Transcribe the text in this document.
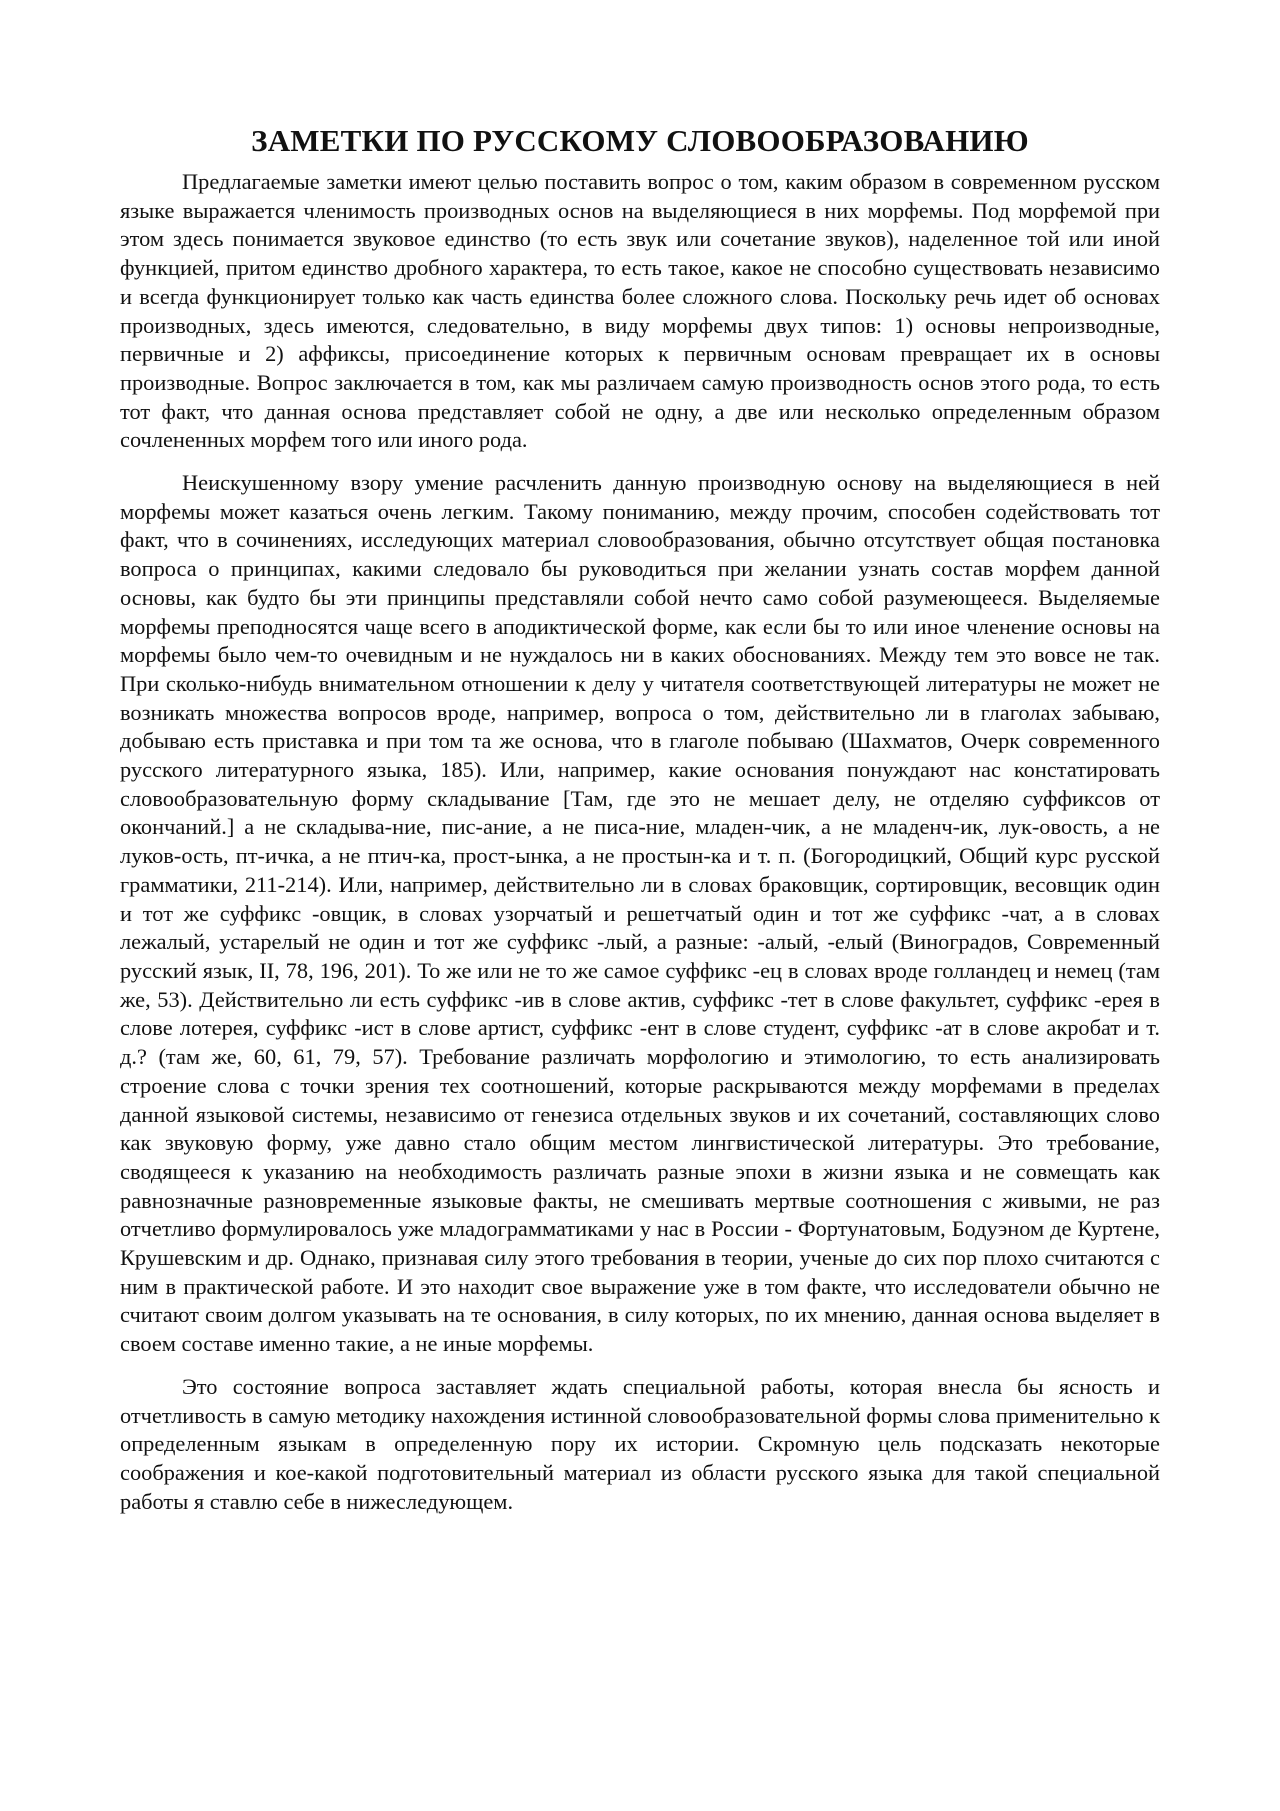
ЗАМЕТКИ ПО РУССКОМУ СЛОВООБРАЗОВАНИЮ

Предлагаемые заметки имеют целью поставить вопрос о том, каким образом в современном русском языке выражается членимость производных основ на выделяющиеся в них морфемы. Под морфемой при этом здесь понимается звуковое единство (то есть звук или сочетание звуков), наделенное той или иной функцией, притом единство дробного характера, то есть такое, какое не способно существовать независимо и всегда функционирует только как часть единства более сложного слова. Поскольку речь идет об основах производных, здесь имеются, следовательно, в виду морфемы двух типов: 1) основы непроизводные, первичные и 2) аффиксы, присоединение которых к первичным основам превращает их в основы производные. Вопрос заключается в том, как мы различаем самую производность основ этого рода, то есть тот факт, что данная основа представляет собой не одну, а две или несколько определенным образом сочлененных морфем того или иного рода.

Неискушенному взору умение расчленить данную производную основу на выделяющиеся в ней морфемы может казаться очень легким. Такому пониманию, между прочим, способен содействовать тот факт, что в сочинениях, исследующих материал словообразования, обычно отсутствует общая постановка вопроса о принципах, какими следовало бы руководиться при желании узнать состав морфем данной основы, как будто бы эти принципы представляли собой нечто само собой разумеющееся. Выделяемые морфемы преподносятся чаще всего в аподиктической форме, как если бы то или иное членение основы на морфемы было чем-то очевидным и не нуждалось ни в каких обоснованиях. Между тем это вовсе не так. При сколько-нибудь внимательном отношении к делу у читателя соответствующей литературы не может не возникать множества вопросов вроде, например, вопроса о том, действительно ли в глаголах забываю, добываю есть приставка и при том та же основа, что в глаголе побываю (Шахматов, Очерк современного русского литературного языка, 185). Или, например, какие основания понуждают нас констатировать словообразовательную форму складывание [Там, где это не мешает делу, не отделяю суффиксов от окончаний.] а не складыва-ние, пис-ание, а не писа-ние, младен-чик, а не младенч-ик, лук-овость, а не луков-ость, пт-ичка, а не птич-ка, прост-ынка, а не простын-ка и т. п. (Богородицкий, Общий курс русской грамматики, 211-214). Или, например, действительно ли в словах браковщик, сортировщик, весовщик один и тот же суффикс -овщик, в словах узорчатый и решетчатый один и тот же суффикс -чат, а в словах лежалый, устарелый не один и тот же суффикс -лый, а разные: -алый, -елый (Виноградов, Современный русский язык, II, 78, 196, 201). То же или не то же самое суффикс -ец в словах вроде голландец и немец (там же, 53). Действительно ли есть суффикс -ив в слове актив, суффикс -тет в слове факультет, суффикс -ерея в слове лотерея, суффикс -ист в слове артист, суффикс -ент в слове студент, суффикс -ат в слове акробат и т. д.? (там же, 60, 61, 79, 57). Требование различать морфологию и этимологию, то есть анализировать строение слова с точки зрения тех соотношений, которые раскрываются между морфемами в пределах данной языковой системы, независимо от генезиса отдельных звуков и их сочетаний, составляющих слово как звуковую форму, уже давно стало общим местом лингвистической литературы. Это требование, сводящееся к указанию на необходимость различать разные эпохи в жизни языка и не совмещать как равнозначные разновременные языковые факты, не смешивать мертвые соотношения с живыми, не раз отчетливо формулировалось уже младограмматиками у нас в России - Фортунатовым, Бодуэном де Куртене, Крушевским и др. Однако, признавая силу этого требования в теории, ученые до сих пор плохо считаются с ним в практической работе. И это находит свое выражение уже в том факте, что исследователи обычно не считают своим долгом указывать на те основания, в силу которых, по их мнению, данная основа выделяет в своем составе именно такие, а не иные морфемы.

Это состояние вопроса заставляет ждать специальной работы, которая внесла бы ясность и отчетливость в самую методику нахождения истинной словообразовательной формы слова применительно к определенным языкам в определенную пору их истории. Скромную цель подсказать некоторые соображения и кое-какой подготовительный материал из области русского языка для такой специальной работы я ставлю себе в нижеследующем.
